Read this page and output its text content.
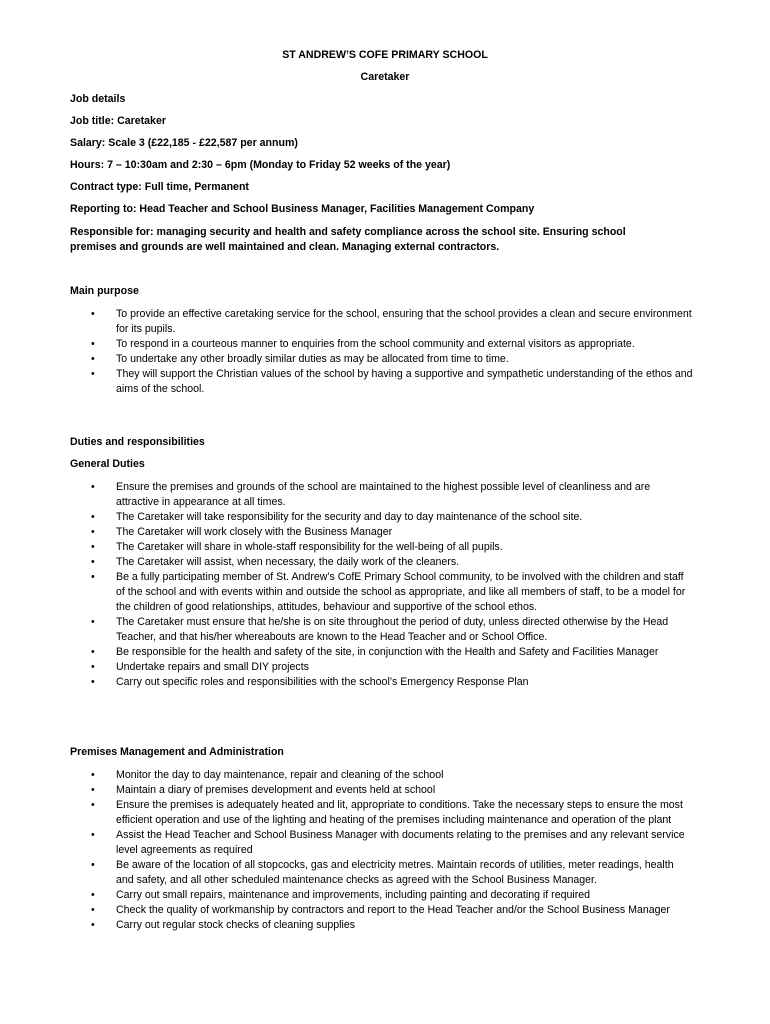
ST ANDREW’S COFE PRIMARY SCHOOL
Caretaker
Job details
Job title: Caretaker
Salary: Scale 3 (£22,185 - £22,587 per annum)
Hours: 7 – 10:30am and 2:30 – 6pm (Monday to Friday 52 weeks of the year)
Contract type: Full time, Permanent
Reporting to: Head Teacher and School Business Manager, Facilities Management Company
Responsible for: managing security and health and safety compliance across the school site. Ensuring school premises and grounds are well maintained and clean. Managing external contractors.
Main purpose
• To provide an effective caretaking service for the school, ensuring that the school provides a clean and secure environment for its pupils.
• To respond in a courteous manner to enquiries from the school community and external visitors as appropriate.
• To undertake any other broadly similar duties as may be allocated from time to time.
• They will support the Christian values of the school by having a supportive and sympathetic understanding of the ethos and aims of the school.
Duties and responsibilities
General Duties
• Ensure the premises and grounds of the school are maintained to the highest possible level of cleanliness and are attractive in appearance at all times.
• The Caretaker will take responsibility for the security and day to day maintenance of the school site.
• The Caretaker will work closely with the Business Manager
• The Caretaker will share in whole-staff responsibility for the well-being of all pupils.
• The Caretaker will assist, when necessary, the daily work of the cleaners.
• Be a fully participating member of St. Andrew’s CofE Primary School community, to be involved with the children and staff of the school and with events within and outside the school as appropriate, and like all members of staff, to be a model for the children of good relationships, attitudes, behaviour and supportive of the school ethos.
• The Caretaker must ensure that he/she is on site throughout the period of duty, unless directed otherwise by the Head Teacher, and that his/her whereabouts are known to the Head Teacher and or School Office.
• Be responsible for the health and safety of the site, in conjunction with the Health and Safety and Facilities Manager
• Undertake repairs and small DIY projects
• Carry out specific roles and responsibilities with the school’s Emergency Response Plan
Premises Management and Administration
• Monitor the day to day maintenance, repair and cleaning of the school
• Maintain a diary of premises development and events held at school
• Ensure the premises is adequately heated and lit, appropriate to conditions. Take the necessary steps to ensure the most efficient operation and use of the lighting and heating of the premises including maintenance and operation of the plant
• Assist the Head Teacher and School Business Manager with documents relating to the premises and any relevant service level agreements as required
• Be aware of the location of all stopcocks, gas and electricity metres. Maintain records of utilities, meter readings, health and safety, and all other scheduled maintenance checks as agreed with the School Business Manager.
• Carry out small repairs, maintenance and improvements, including painting and decorating if required
• Check the quality of workmanship by contractors and report to the Head Teacher and/or the School Business Manager
• Carry out regular stock checks of cleaning supplies
